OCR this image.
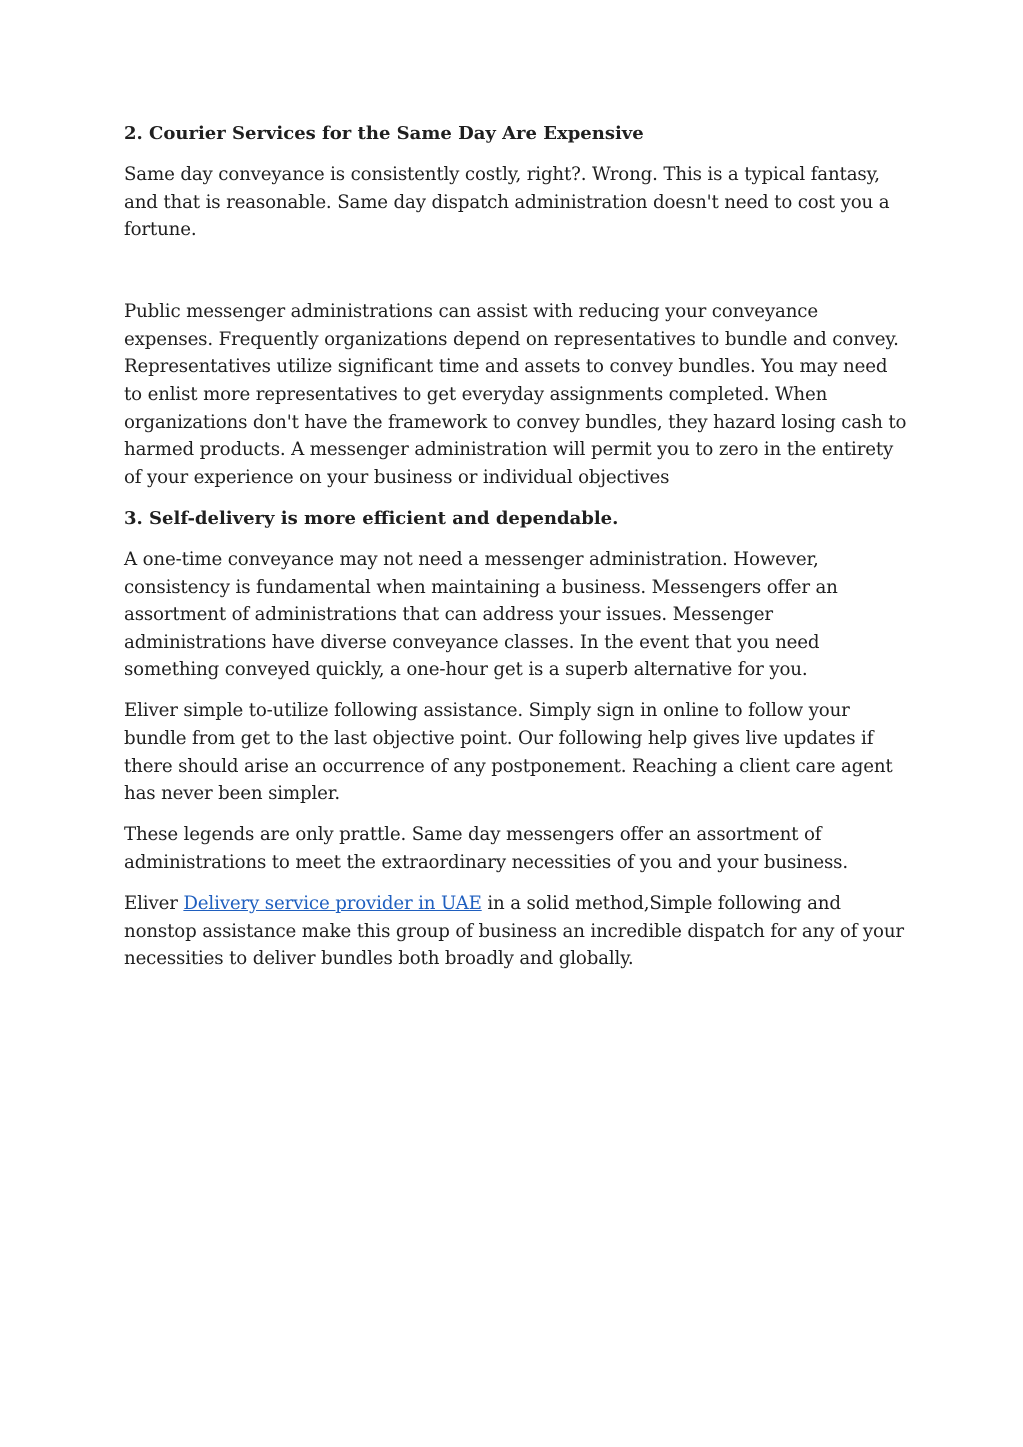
2. Courier Services for the Same Day Are Expensive

Same day conveyance is consistently costly, right?. Wrong. This is a typical fantasy, and that is reasonable. Same day dispatch administration doesn't need to cost you a fortune.

Public messenger administrations can assist with reducing your conveyance expenses. Frequently organizations depend on representatives to bundle and convey. Representatives utilize significant time and assets to convey bundles. You may need to enlist more representatives to get everyday assignments completed. When organizations don't have the framework to convey bundles, they hazard losing cash to harmed products. A messenger administration will permit you to zero in the entirety of your experience on your business or individual objectives

3. Self-delivery is more efficient and dependable.

A one-time conveyance may not need a messenger administration. However, consistency is fundamental when maintaining a business. Messengers offer an assortment of administrations that can address your issues. Messenger administrations have diverse conveyance classes. In the event that you need something conveyed quickly, a one-hour get is a superb alternative for you.

Eliver simple to-utilize following assistance. Simply sign in online to follow your bundle from get to the last objective point. Our following help gives live updates if there should arise an occurrence of any postponement. Reaching a client care agent has never been simpler.

These legends are only prattle. Same day messengers offer an assortment of administrations to meet the extraordinary necessities of you and your business.

Eliver Delivery service provider in UAE in a solid method,Simple following and nonstop assistance make this group of business an incredible dispatch for any of your necessities to deliver bundles both broadly and globally.
